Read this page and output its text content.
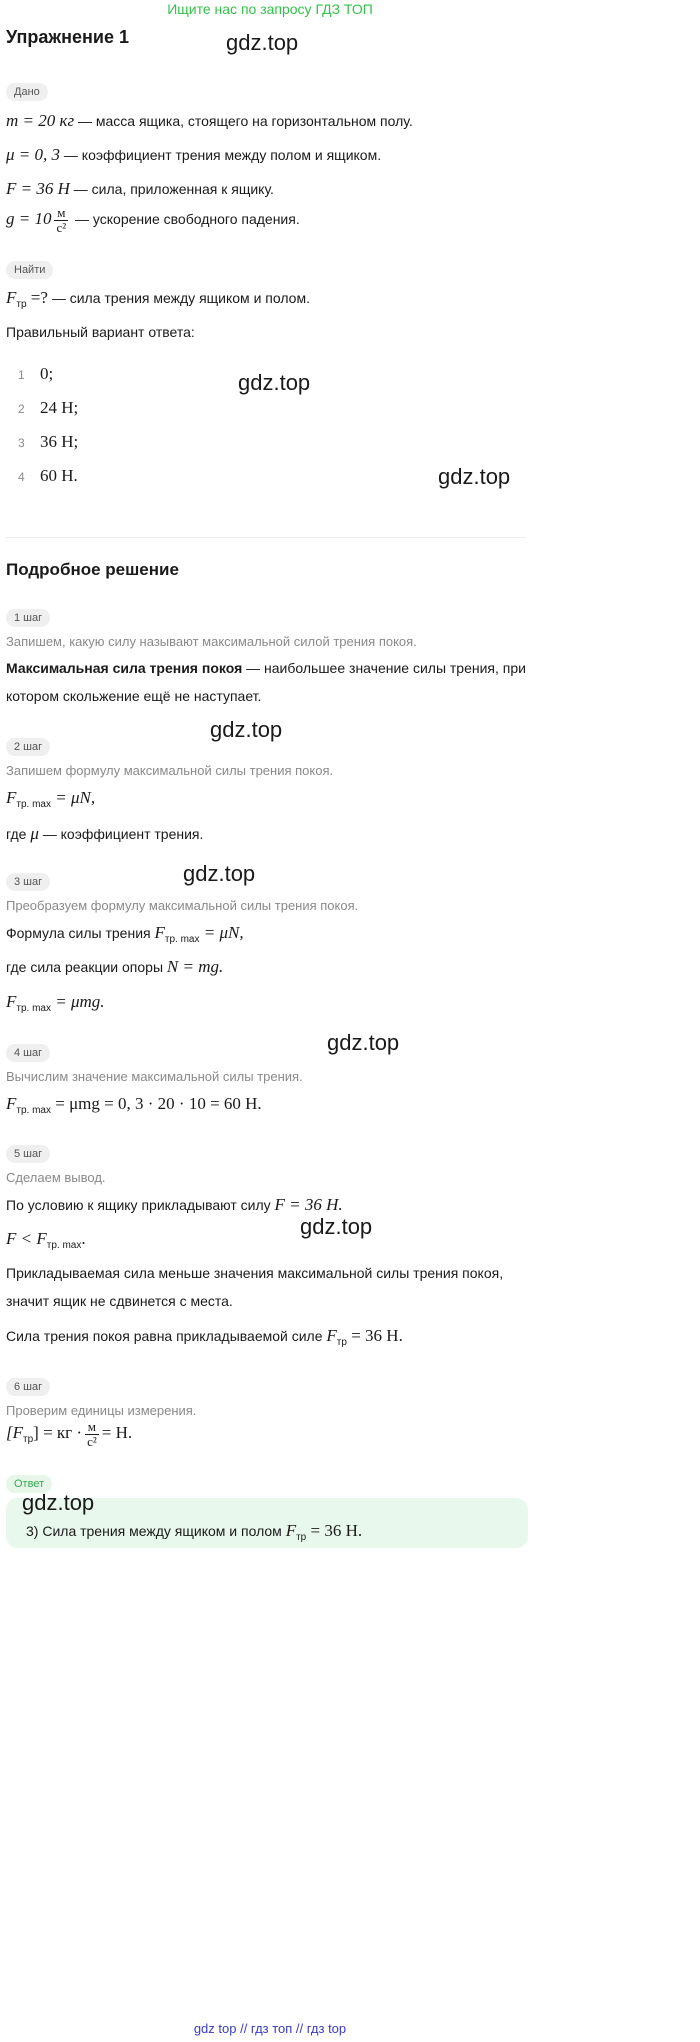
Ищите нас по запросу ГДЗ ТОП
Упражнение 1	gdz.top
Дано
m = 20 кг — масса ящика, стоящего на горизонтальном полу.
μ = 0, 3 — коэффициент трения между полом и ящиком.
F = 36 Н — сила, приложенная к ящику.
$g = 10 \frac{м}{\text{с²}}$ — ускорение свободного падения.
Найти
$F_{тр}$ =? — сила трения между ящиком и полом.
Правильный вариант ответа:
1 0;
2 24 Н;
3 36 Н;
4 60 Н.
gdz.top
gdz.top
Подробное решение
1 шаг
Запишем, какую силу называют максимальной силой трения покоя.
Максимальная сила трения покоя — наибольшее значение силы трения, при
котором скольжение ещё не наступает.
gdz.top
2 шаг
Запишем формулу максимальной силы трения покоя.
$F_{тр. max} = \mu N$,
где μ — коэффициент трения.
gdz.top
3 шаг
Преобразуем формулу максимальной силы трения покоя.
Формула силы трения $F_{тр. max} = \mu N$,
где сила реакции опоры N = mg.
$F_{тр. max} = \mu mg$.
gdz.top
4 шаг
Вычислим значение максимальной силы трения.
$F_{тр. max} = \mu mg = 0$, 3 · 20 · 10 = 60 Н.
5 шаг
Сделаем вывод.
По условию к ящику прикладывают силу F = 36 Н.
$F < F_{тр. max}$.	gdz.top
Прикладываемая сила меньше значения максимальной силы трения покоя,
значит ящик не сдвинется с места.
Сила трения покоя равна прикладываемой силе $F_{тр} = 36$ Н.
6 шаг
Проверим единицы измерения.
$[F_{тр}]$ = кг · $\frac{м}{\text{с²}} = Н$.
Ответ
3) Сила трения между ящиком и полом $F_{тр} = 36$ Н.
gdz.top
gdz top // гдз топ // гдз top
